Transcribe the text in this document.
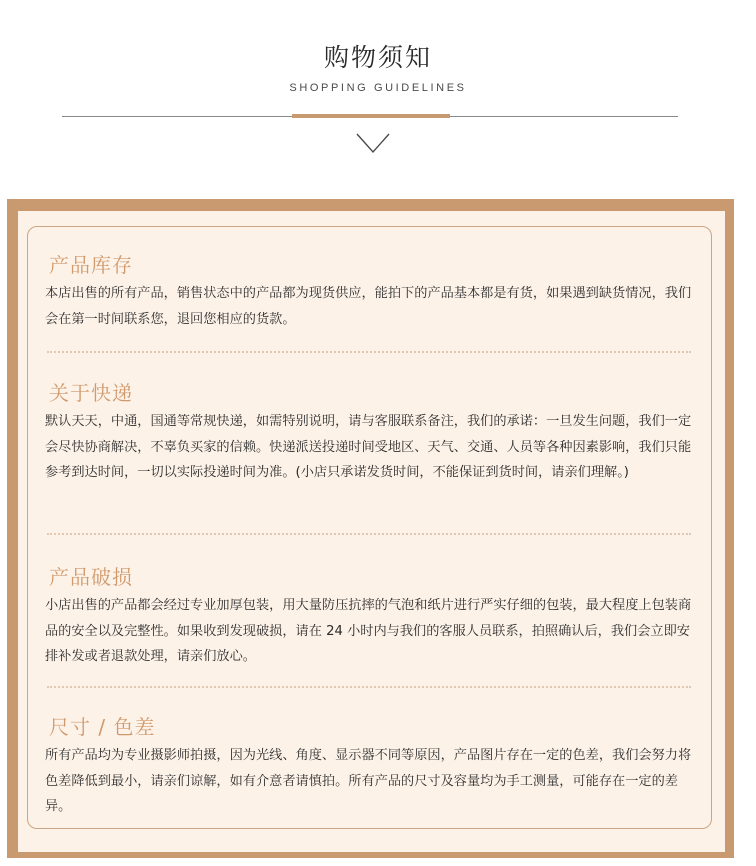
购物须知
SHOPPING GUIDELINES
产品库存
本店出售的所有产品，销售状态中的产品都为现货供应，能拍下的产品基本都是有货，如果遇到缺货情况，我们会在第一时间联系您，退回您相应的货款。
关于快递
默认天天，中通，国通等常规快递，如需特别说明，请与客服联系备注，我们的承诺：一旦发生问题，我们一定会尽快协商解决，不辜负买家的信赖。快递派送投递时间受地区、天气、交通、人员等各种因素影响，我们只能参考到达时间，一切以实际投递时间为准。(小店只承诺发货时间，不能保证到货时间，请亲们理解。)
产品破损
小店出售的产品都会经过专业加厚包装，用大量防压抗摔的气泡和纸片进行严实仔细的包装，最大程度上包装商品的安全以及完整性。如果收到发现破损，请在 24 小时内与我们的客服人员联系，拍照确认后，我们会立即安排补发或者退款处理，请亲们放心。
尺寸 / 色差
所有产品均为专业摄影师拍摄，因为光线、角度、显示器不同等原因，产品图片存在一定的色差，我们会努力将色差降低到最小，请亲们谅解，如有介意者请慎拍。所有产品的尺寸及容量均为手工测量，可能存在一定的差异。
